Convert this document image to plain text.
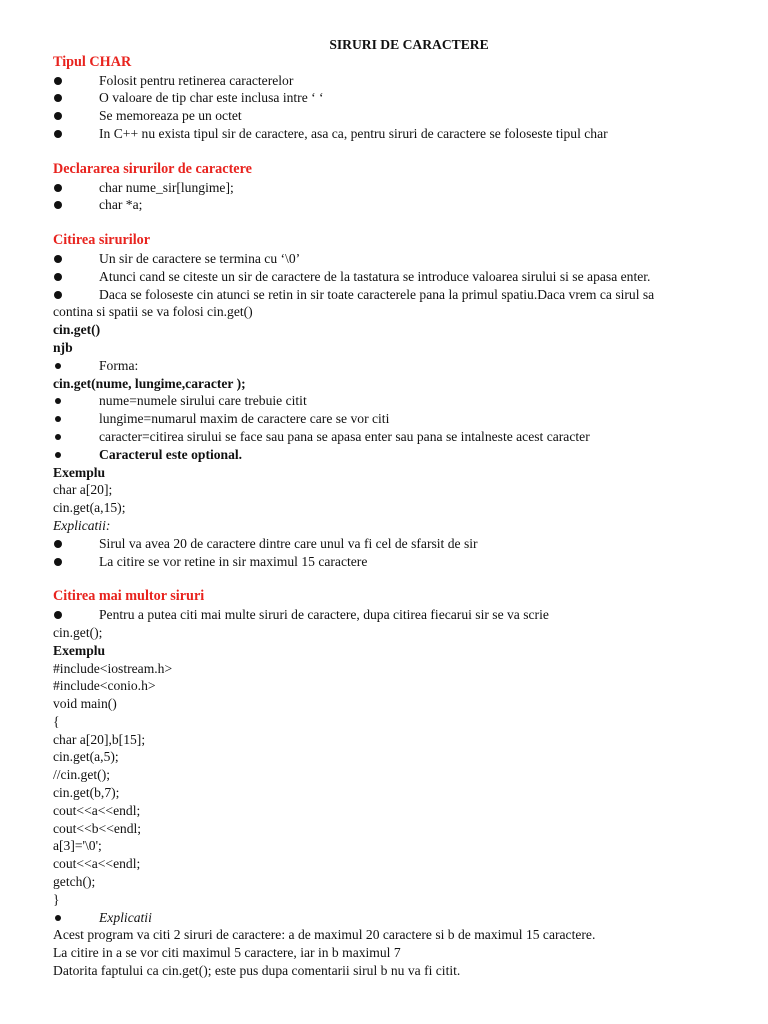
SIRURI DE CARACTERE
Tipul CHAR
Folosit pentru retinerea caracterelor
O valoare de tip char este inclusa intre ‘ ‘
Se memoreaza pe un octet
In C++ nu exista tipul sir de caractere, asa ca, pentru siruri de caractere se foloseste tipul char
Declararea sirurilor de caractere
char nume_sir[lungime];
char *a;
Citirea sirurilor
Un sir de caractere se termina cu ‘\0’
Atunci cand se citeste un sir de caractere de la tastatura se introduce valoarea sirului si se apasa enter.
Daca se foloseste cin atunci se retin in sir toate caracterele pana la primul spatiu.Daca vrem ca sirul sa
contina si spatii se va folosi cin.get()
cin.get()
njb
Forma:
cin.get(nume, lungime,caracter );
nume=numele sirului care trebuie citit
lungime=numarul maxim de caractere care se vor citi
caracter=citirea sirului se face sau pana se apasa enter sau pana se intalneste acest caracter
Caracterul este optional.
Exemplu
char a[20];
cin.get(a,15);
Explicatii:
Sirul va avea 20 de caractere dintre care unul va fi cel de sfarsit de sir
La citire se vor retine in sir maximul 15 caractere
Citirea mai multor siruri
Pentru a putea citi mai multe siruri de caractere, dupa citirea fiecarui sir se va scrie
cin.get();
Exemplu
#include<iostream.h>
#include<conio.h>
void main()
{
char a[20],b[15];
cin.get(a,5);
//cin.get();
cin.get(b,7);
cout<<a<<endl;
cout<<b<<endl;
a[3]='\0';
cout<<a<<endl;
getch();
}
Explicatii
Acest program va citi 2 siruri de caractere: a de maximul 20 caractere si b de maximul 15 caractere.
La citire in a se vor citi maximul 5 caractere, iar in b maximul 7
Datorita faptului ca cin.get(); este pus dupa comentarii sirul b nu va fi citit.
